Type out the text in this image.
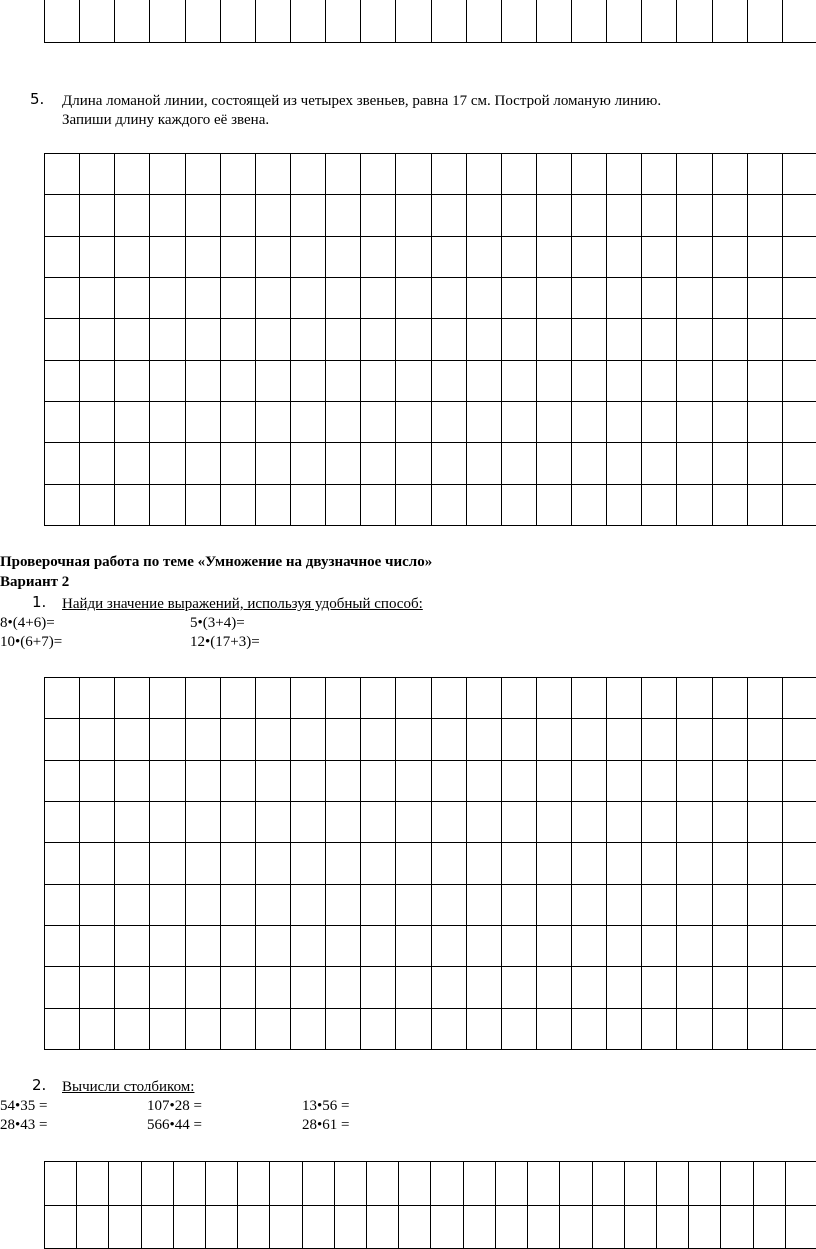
5. Длина ломаной линии, состоящей из четырех звеньев, равна 17 см. Построй ломаную линию.
Запиши длину каждого её звена.
Проверочная работа по теме «Умножение на двузначное число»
Вариант 2
1. Найди значение выражений, используя удобный способ:
8•(4+6)=	5•(3+4)=
10•(6+7)=	12•(17+3)=
2. Вычисли столбиком:
54•35 =	107•28 =	13•56 =
28•43 =	566•44 =	28•61 =
